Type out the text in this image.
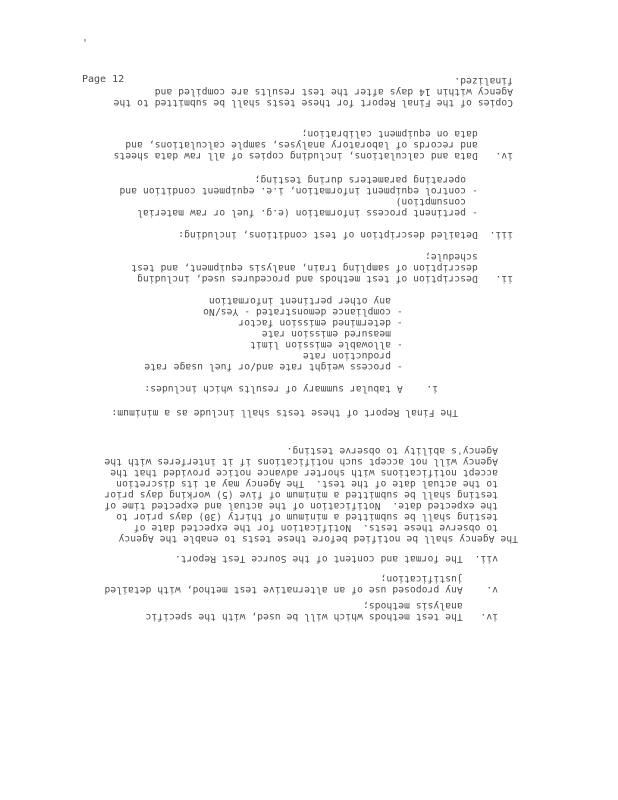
'

Page 12

iv.   The test methods which will be used, with the specific
analysis methods;
v.    Any proposed use of an alternative test method, with detailed
justification;
vii.  The format and content of the Source Test Report.
The Agency shall be notified before these tests to enable the Agency
to observe these tests.  Notification for the expected date of
testing shall be submitted a minimum of thirty (30) days prior to
the expected date.  Notification of the actual and expected time of
testing shall be submitted a minimum of five (5) working days prior
to the actual date of the test.  The Agency may at its discretion
accept notifications with shorter advance notice provided that the
Agency will not accept such notifications if it interferes with the
Agency's ability to observe testing.
The Final Report of these tests shall include as a minimum:
i.    A tabular summary of results which includes:
- process weight rate and/or fuel usage rate
production rate
- allowable emission limit
measured emission rate
- determined emission factor
- compliance demonstrated - Yes/No
any other pertinent information
ii.   Description of test methods and procedures used, including
description of sampling train, analysis equipment, and test
schedule;
iii.  Detailed description of test conditions, including:
- pertinent process information (e.g. fuel or raw material
consumption)
- control equipment information, i.e. equipment condition and
operating parameters during testing;
iv.   Data and calculations, including copies of all raw data sheets
and records of laboratory analyses, sample calculations, and
data on equipment calibration;
Copies of the Final Report for these tests shall be submitted to the
Agency within 14 days after the test results are compiled and
finalized.
